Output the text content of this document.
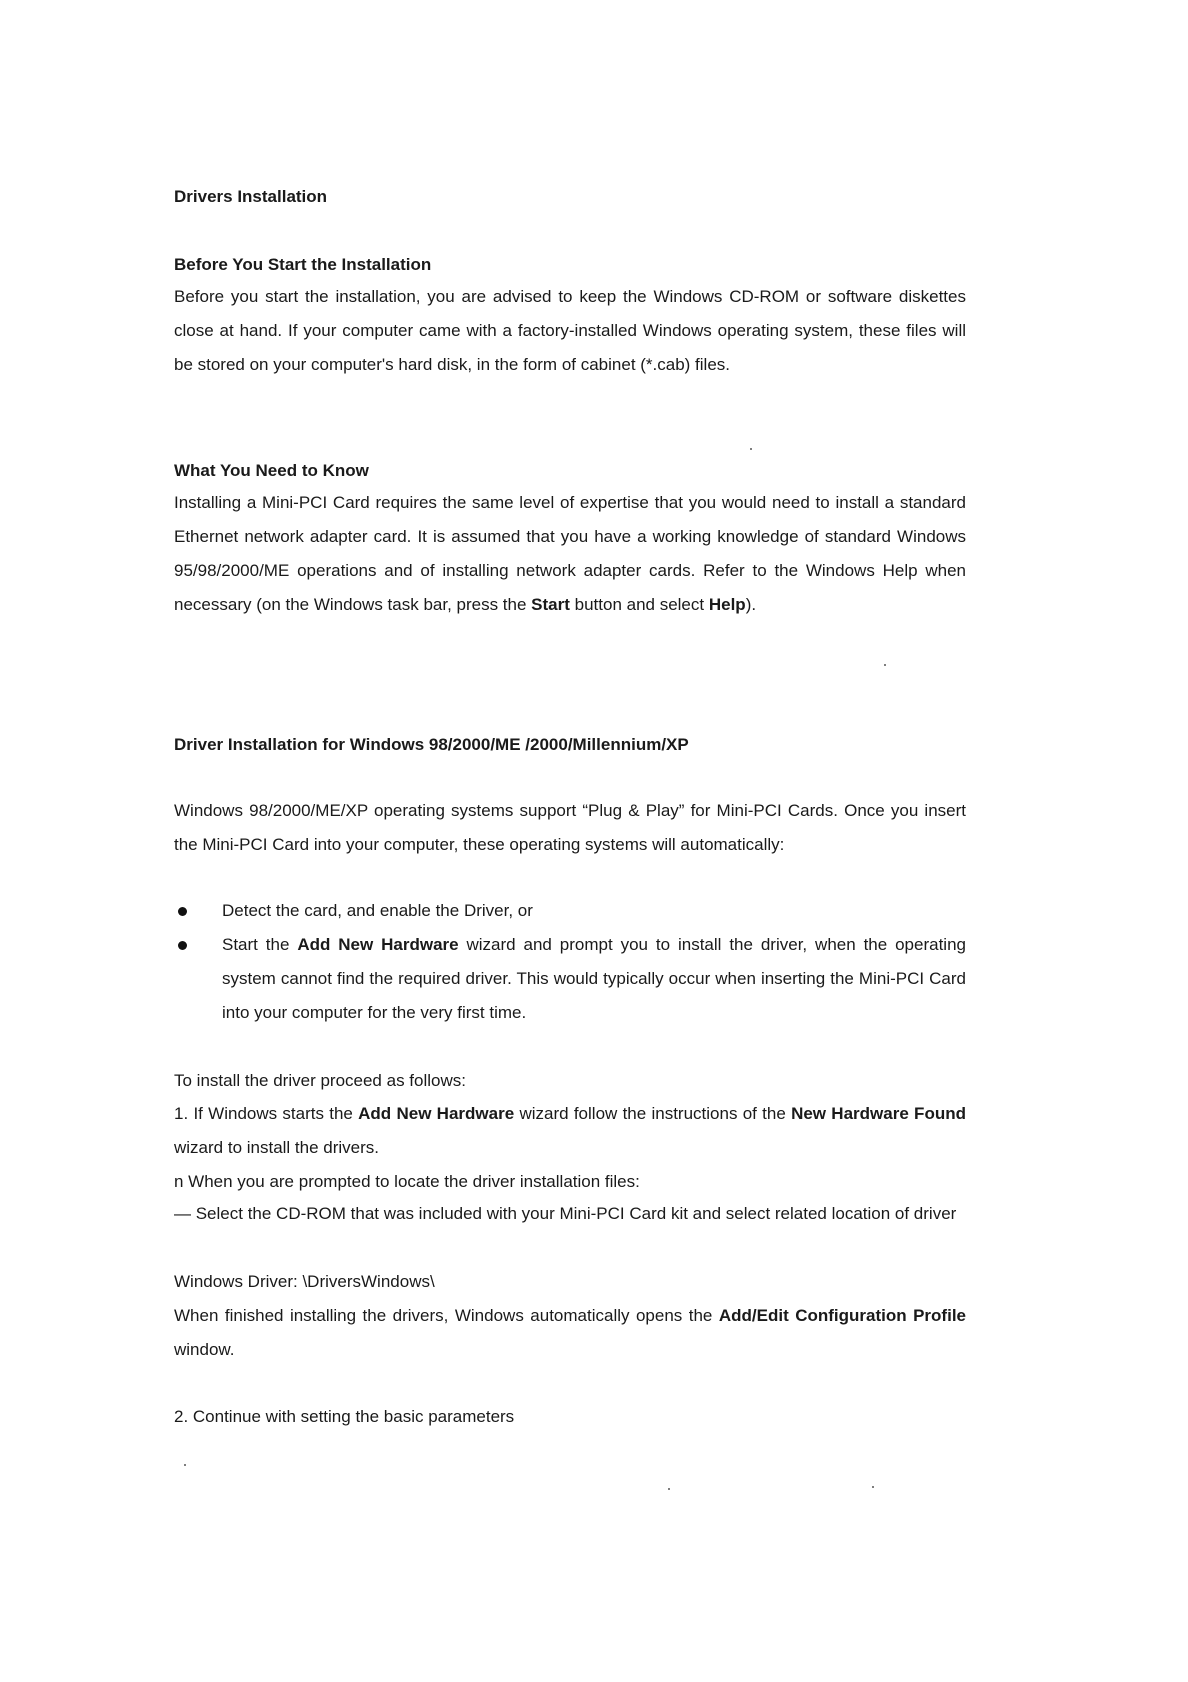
Drivers Installation
Before You Start the Installation

Before you start the installation, you are advised to keep the Windows CD-ROM or software diskettes close at hand. If your computer came with a factory-installed Windows operating system, these files will be stored on your computer's hard disk, in the form of cabinet (*.cab) files.

What You Need to Know

Installing a Mini-PCI Card requires the same level of expertise that you would need to install a standard Ethernet network adapter card. It is assumed that you have a working knowledge of standard Windows 95/98/2000/ME operations and of installing network adapter cards. Refer to the Windows Help when necessary (on the Windows task bar, press the Start button and select Help).

Driver Installation for Windows 98/2000/ME /2000/Millennium/XP

Windows 98/2000/ME/XP operating systems support “Plug & Play” for Mini-PCI Cards. Once you insert the Mini-PCI Card into your computer, these operating systems will automatically:

Detect the card, and enable the Driver, or
Start the Add New Hardware wizard and prompt you to install the driver, when the operating system cannot find the required driver. This would typically occur when inserting the Mini-PCI Card into your computer for the very first time.

To install the driver proceed as follows:

1. If Windows starts the Add New Hardware wizard follow the instructions of the New Hardware Found wizard to install the drivers.

n When you are prompted to locate the driver installation files:

— Select the CD-ROM that was included with your Mini-PCI Card kit and select related location of driver

Windows Driver: \DriversWindows\

When finished installing the drivers, Windows automatically opens the Add/Edit Configuration Profile window.

2. Continue with setting the basic parameters
